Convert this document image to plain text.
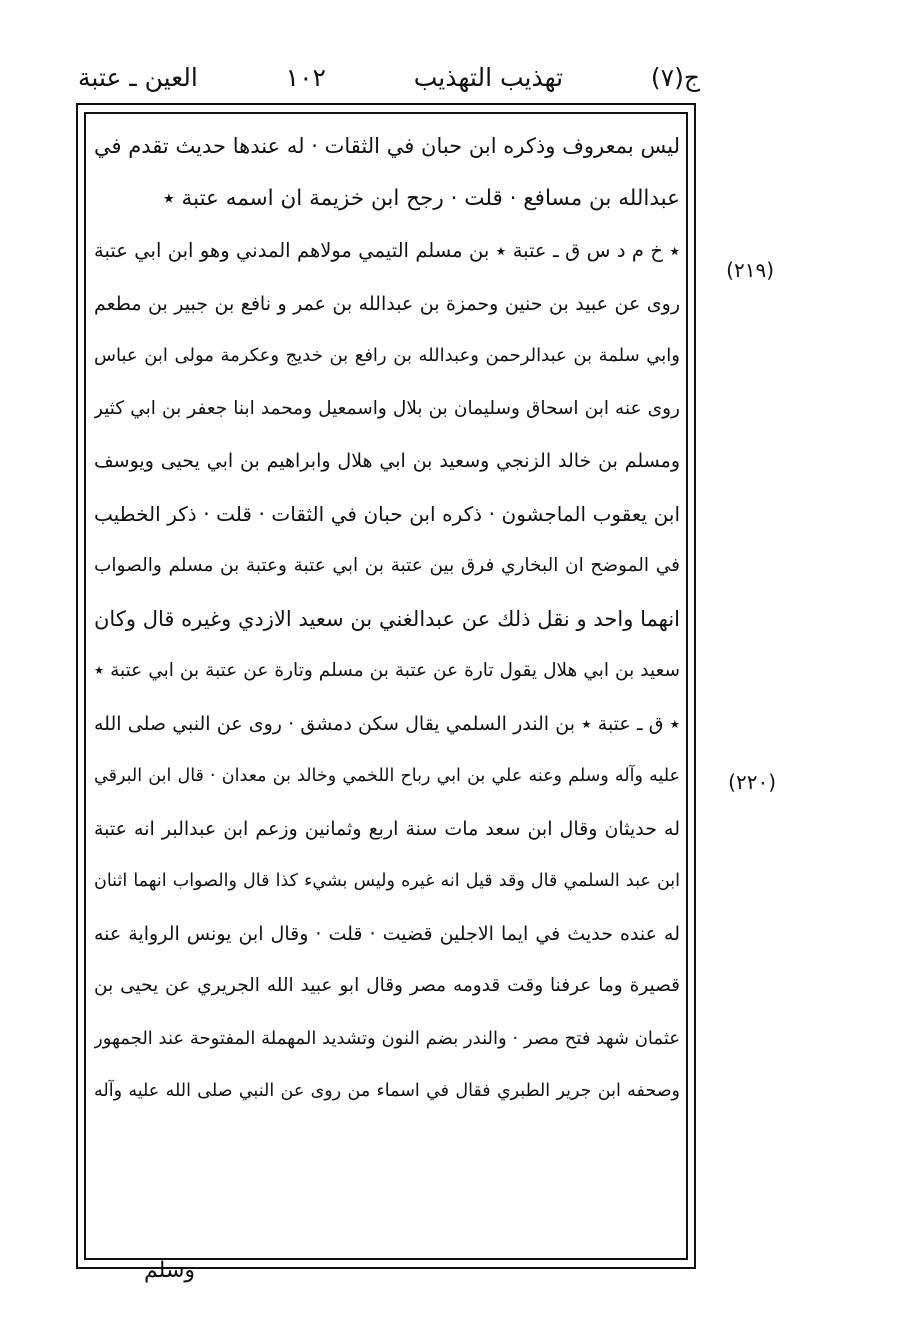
ج(٧)
تهذيب التهذيب
١٠٢
العين ـ عتبة
(٢١٩)
(٢٢٠)
ليس بمعروف وذكره ابن حبان في الثقات · له عندها حديث تقدم في
عبدالله بن مسافع · قلت · رجح ابن خزيمة ان اسمه عتبة ٭
٭ خ م د س ق ـ عتبة ٭ بن مسلم التيمي مولاهم المدني وهو ابن ابي عتبة
روى عن عبيد بن حنين وحمزة بن عبدالله بن عمر و نافع بن جبير بن مطعم
وابي سلمة بن عبدالرحمن وعبدالله بن رافع بن خديج وعكرمة مولى ابن عباس
روى عنه ابن اسحاق وسليمان بن بلال واسمعيل ومحمد ابنا جعفر بن ابي كثير
ومسلم بن خالد الزنجي وسعيد بن ابي هلال وابراهيم بن ابي يحيى ويوسف
ابن يعقوب الماجشون · ذكره ابن حبان في الثقات · قلت · ذكر الخطيب
في الموضح ان البخاري فرق بين عتبة بن ابي عتبة وعتبة بن مسلم والصواب
انهما واحد و نقل ذلك عن عبدالغني بن سعيد الازدي وغيره قال وكان
سعيد بن ابي هلال يقول تارة عن عتبة بن مسلم وتارة عن عتبة بن ابي عتبة ٭
٭ ق ـ عتبة ٭ بن الندر السلمي يقال سكن دمشق · روى عن النبي صلى الله
عليه وآله وسلم وعنه علي بن ابي رباح اللخمي وخالد بن معدان · قال ابن البرقي
له حديثان وقال ابن سعد مات سنة اربع وثمانين وزعم ابن عبدالبر انه عتبة
ابن عبد السلمي قال وقد قيل انه غيره وليس بشيء كذا قال والصواب انهما اثنان
له عنده حديث في ايما الاجلين قضيت · قلت · وقال ابن يونس الرواية عنه
قصيرة وما عرفنا وقت قدومه مصر وقال ابو عبيد الله الجريري عن يحيى بن
عثمان شهد فتح مصر · والندر بضم النون وتشديد المهملة المفتوحة عند الجمهور
وصحفه ابن جرير الطبري فقال في اسماء من روى عن النبي صلى الله عليه وآله
وسلم
